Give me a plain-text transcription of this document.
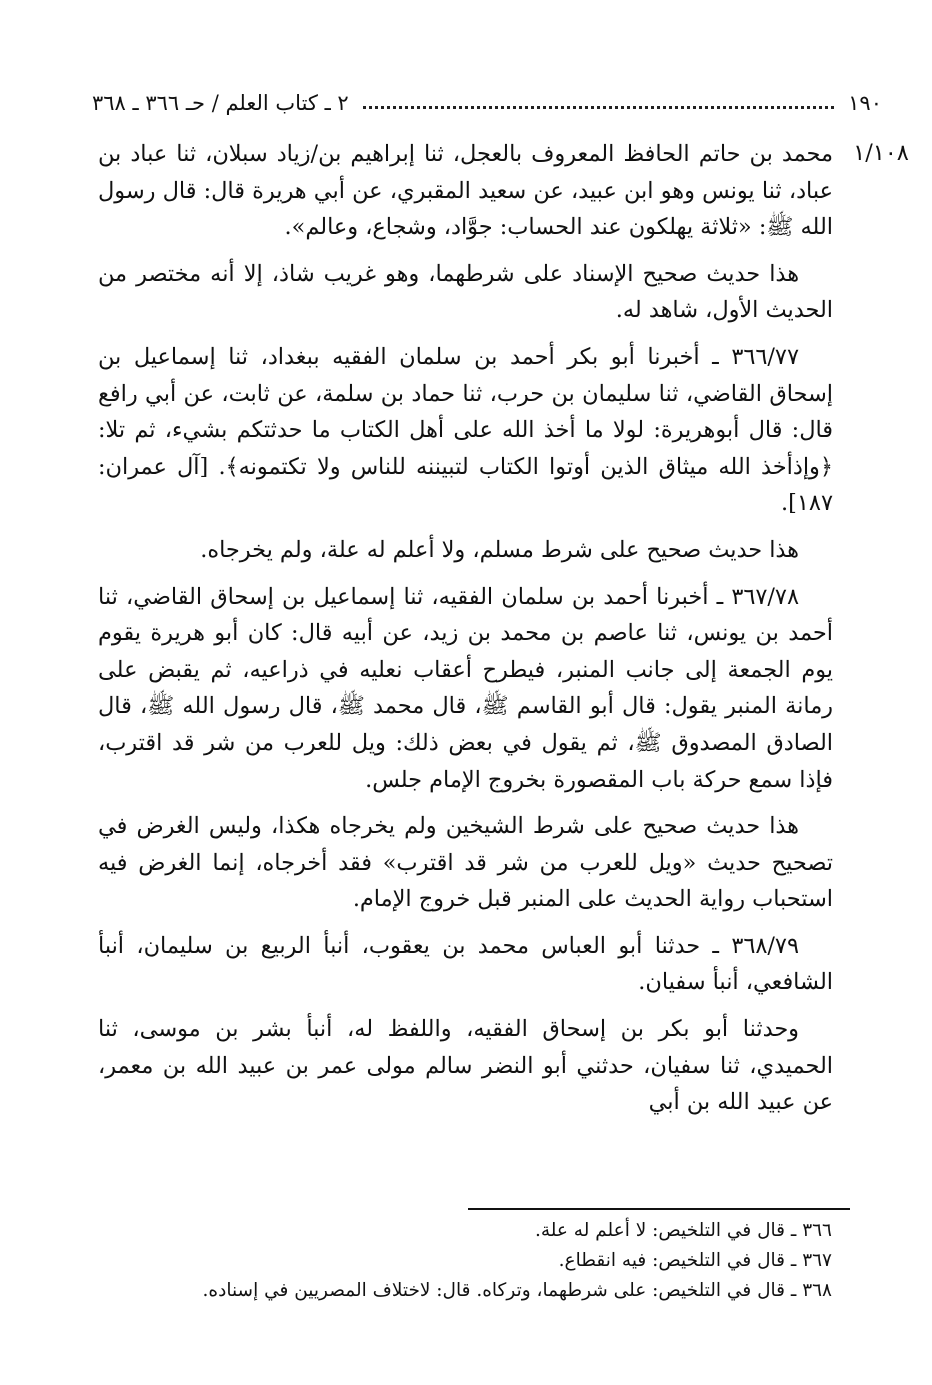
١٩٠
٢ ـ كتاب العلم / حـ ٣٦٦ ـ ٣٦٨
١/١٠٨

محمد بن حاتم الحافظ المعروف بالعجل، ثنا إبراهيم بن/زياد سبلان، ثنا عباد بن عباد، ثنا يونس وهو ابن عبيد، عن سعيد المقبري، عن أبي هريرة قال: قال رسول الله ﷺ: «ثلاثة يهلكون عند الحساب: جوَّاد، وشجاع، وعالم».

هذا حديث صحيح الإسناد على شرطهما، وهو غريب شاذ، إلا أنه مختصر من الحديث الأول، شاهد له.

٣٦٦/٧٧ ـ أخبرنا أبو بكر أحمد بن سلمان الفقيه ببغداد، ثنا إسماعيل بن إسحاق القاضي، ثنا سليمان بن حرب، ثنا حماد بن سلمة، عن ثابت، عن أبي رافع قال: قال أبوهريرة: لولا ما أخذ الله على أهل الكتاب ما حدثتكم بشيء، ثم تلا: ﴿وإذأخذ الله ميثاق الذين أوتوا الكتاب لتبيننه للناس ولا تكتمونه﴾. [آل عمران: ١٨٧].

هذا حديث صحيح على شرط مسلم، ولا أعلم له علة، ولم يخرجاه.

٣٦٧/٧٨ ـ أخبرنا أحمد بن سلمان الفقيه، ثنا إسماعيل بن إسحاق القاضي، ثنا أحمد بن يونس، ثنا عاصم بن محمد بن زيد، عن أبيه قال: كان أبو هريرة يقوم يوم الجمعة إلى جانب المنبر، فيطرح أعقاب نعليه في ذراعيه، ثم يقبض على رمانة المنبر يقول: قال أبو القاسم ﷺ، قال محمد ﷺ، قال رسول الله ﷺ، قال الصادق المصدوق ﷺ، ثم يقول في بعض ذلك: ويل للعرب من شر قد اقترب، فإذا سمع حركة باب المقصورة بخروج الإمام جلس.

هذا حديث صحيح على شرط الشيخين ولم يخرجاه هكذا، وليس الغرض في تصحيح حديث «ويل للعرب من شر قد اقترب» فقد أخرجاه، إنما الغرض فيه استحباب رواية الحديث على المنبر قبل خروج الإمام.

٣٦٨/٧٩ ـ حدثنا أبو العباس محمد بن يعقوب، أنبأ الربيع بن سليمان، أنبأ الشافعي، أنبأ سفيان.

وحدثنا أبو بكر بن إسحاق الفقيه، واللفظ له، أنبأ بشر بن موسى، ثنا الحميدي، ثنا سفيان، حدثني أبو النضر سالم مولى عمر بن عبيد الله بن معمر، عن عبيد الله بن أبي

٣٦٦ ـ قال في التلخيص: لا أعلم له علة.

٣٦٧ ـ قال في التلخيص: فيه انقطاع.

٣٦٨ ـ قال في التلخيص: على شرطهما، وتركاه. قال: لاختلاف المصريين في إسناده.
